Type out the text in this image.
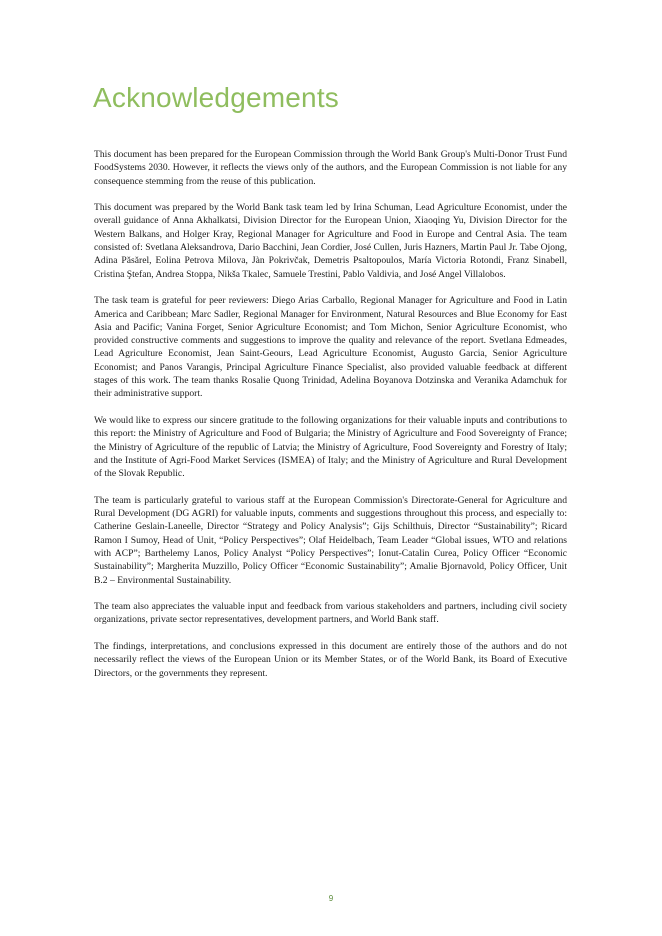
Acknowledgements

This document has been prepared for the European Commission through the World Bank Group's Multi-Donor Trust Fund FoodSystems 2030. However, it reflects the views only of the authors, and the European Commission is not liable for any consequence stemming from the reuse of this publication.

This document was prepared by the World Bank task team led by Irina Schuman, Lead Agriculture Economist, under the overall guidance of Anna Akhalkatsi, Division Director for the European Union, Xiaoqing Yu, Division Director for the Western Balkans, and Holger Kray, Regional Manager for Agriculture and Food in Europe and Central Asia. The team consisted of: Svetlana Aleksandrova, Dario Bacchini, Jean Cordier, José Cullen, Juris Hazners, Martin Paul Jr. Tabe Ojong, Adina Păsărel, Eolina Petrova Milova, Jàn Pokrivčak, Demetris Psaltopoulos, María Victoria Rotondi, Franz Sinabell, Cristina Ştefan, Andrea Stoppa, Nikša Tkalec, Samuele Trestini, Pablo Valdivia, and José Angel Villalobos.

The task team is grateful for peer reviewers: Diego Arias Carballo, Regional Manager for Agriculture and Food in Latin America and Caribbean; Marc Sadler, Regional Manager for Environment, Natural Resources and Blue Economy for East Asia and Pacific; Vanina Forget, Senior Agriculture Economist; and Tom Michon, Senior Agriculture Economist, who provided constructive comments and suggestions to improve the quality and relevance of the report. Svetlana Edmeades, Lead Agriculture Economist, Jean Saint-Geours, Lead Agriculture Economist, Augusto Garcia, Senior Agriculture Economist; and Panos Varangis, Principal Agriculture Finance Specialist, also provided valuable feedback at different stages of this work. The team thanks Rosalie Quong Trinidad, Adelina Boyanova Dotzinska and Veranika Adamchuk for their administrative support.

We would like to express our sincere gratitude to the following organizations for their valuable inputs and contributions to this report: the Ministry of Agriculture and Food of Bulgaria; the Ministry of Agriculture and Food Sovereignty of France; the Ministry of Agriculture of the republic of Latvia; the Ministry of Agriculture, Food Sovereignty and Forestry of Italy; and the Institute of Agri-Food Market Services (ISMEA) of Italy; and the Ministry of Agriculture and Rural Development of the Slovak Republic.

The team is particularly grateful to various staff at the European Commission's Directorate-General for Agriculture and Rural Development (DG AGRI) for valuable inputs, comments and suggestions throughout this process, and especially to: Catherine Geslain-Laneelle, Director “Strategy and Policy Analysis”; Gijs Schilthuis, Director “Sustainability”; Ricard Ramon I Sumoy, Head of Unit, “Policy Perspectives”; Olaf Heidelbach, Team Leader “Global issues, WTO and relations with ACP”; Barthelemy Lanos, Policy Analyst “Policy Perspectives”; Ionut-Catalin Curea, Policy Officer “Economic Sustainability”; Margherita Muzzillo, Policy Officer “Economic Sustainability”; Amalie Bjornavold, Policy Officer, Unit B.2 – Environmental Sustainability.

The team also appreciates the valuable input and feedback from various stakeholders and partners, including civil society organizations, private sector representatives, development partners, and World Bank staff.

The findings, interpretations, and conclusions expressed in this document are entirely those of the authors and do not necessarily reflect the views of the European Union or its Member States, or of the World Bank, its Board of Executive Directors, or the governments they represent.

9
